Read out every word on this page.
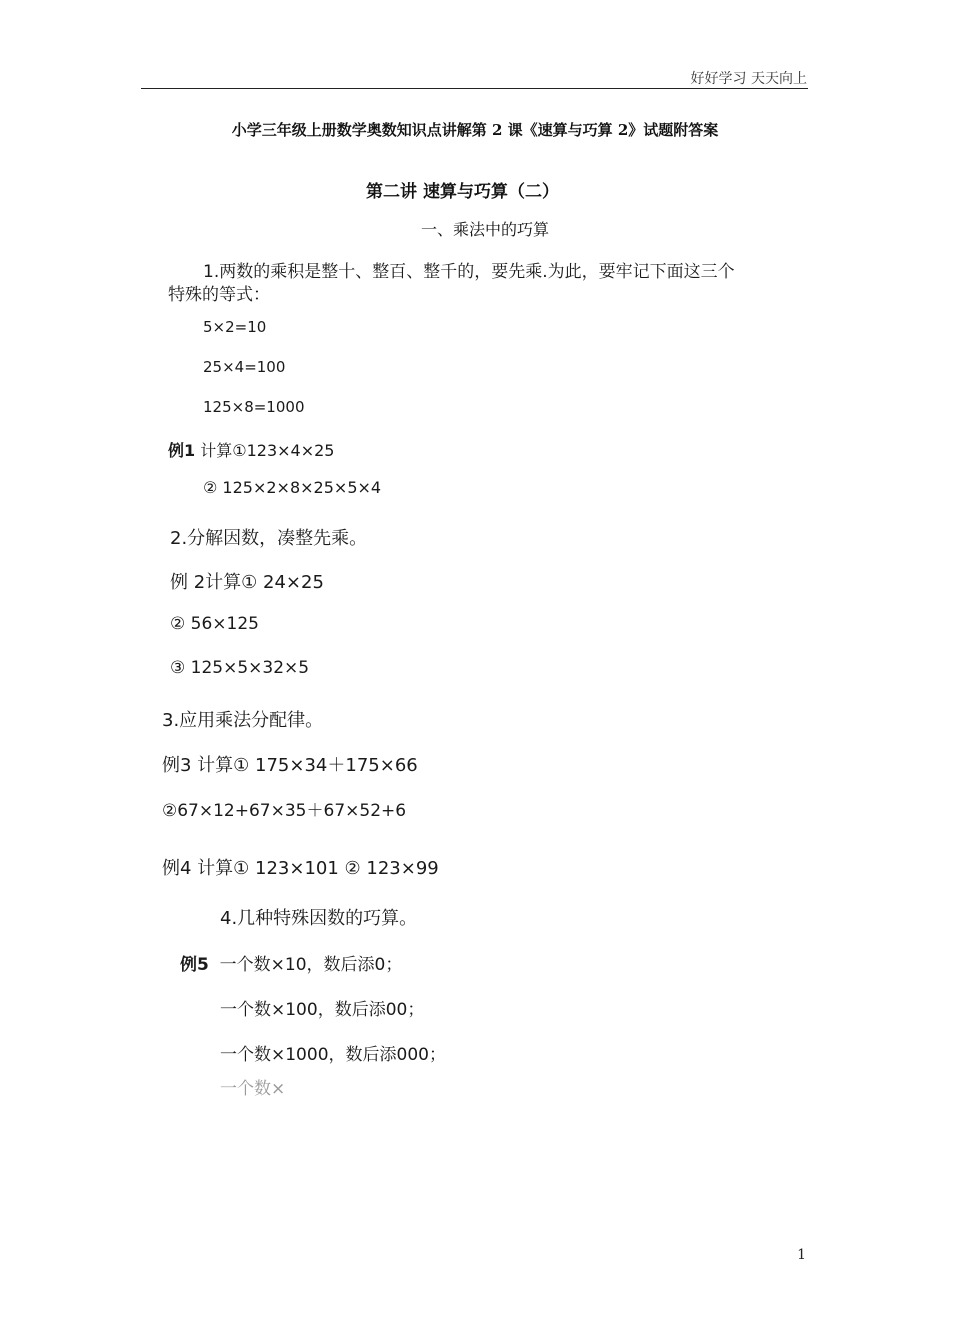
好好学习 天天向上
小学三年级上册数学奥数知识点讲解第 2 课《速算与巧算 2》试题附答案
第二讲 速算与巧算（二）
一、乘法中的巧算
1.两数的乘积是整十、整百、整千的，要先乘.为此，要牢记下面这三个
特殊的等式：
5×2=10
25×4=100
125×8=1000
例1 计算①123×4×25
② 125×2×8×25×5×4
2.分解因数，凑整先乘。
例 2计算① 24×25
② 56×125
③ 125×5×32×5
3.应用乘法分配律。
例3 计算① 175×34＋175×66
②67×12+67×35＋67×52+6
例4 计算① 123×101 ② 123×99
4.几种特殊因数的巧算。
例5 一个数×10，数后添0；
一个数×100，数后添00；
一个数×1000，数后添000；
一个数×
1
